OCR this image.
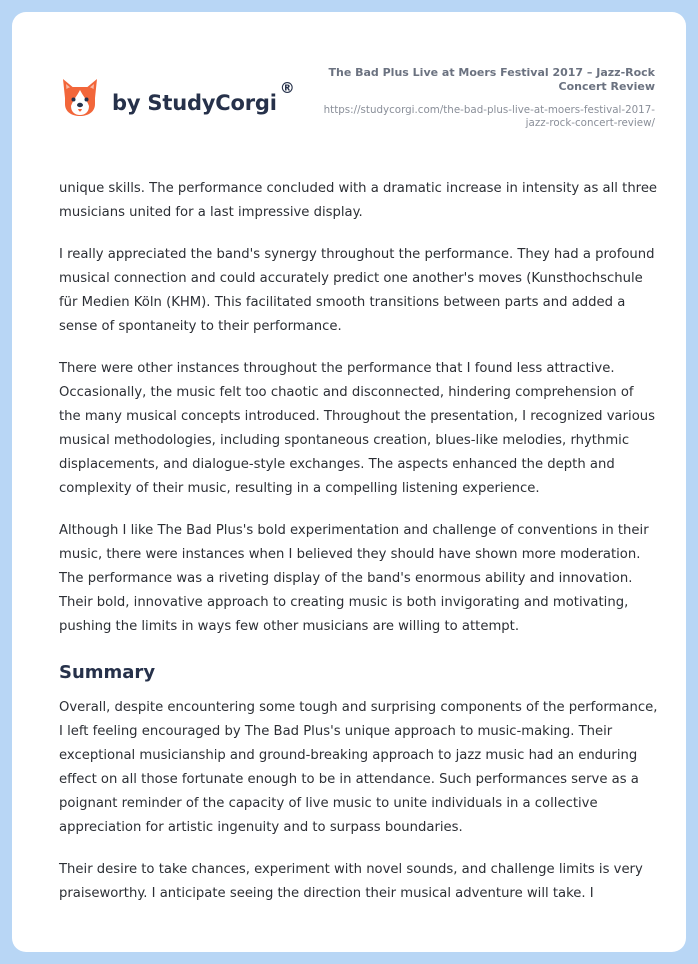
by StudyCorgi
®
The Bad Plus Live at Moers Festival 2017 – Jazz-Rock Concert Review
https://studycorgi.com/the-bad-plus-live-at-moers-festival-2017-jazz-rock-concert-review/

unique skills. The performance concluded with a dramatic increase in intensity as all three musicians united for a last impressive display.

I really appreciated the band's synergy throughout the performance. They had a profound musical connection and could accurately predict one another's moves (Kunsthochschule für Medien Köln (KHM). This facilitated smooth transitions between parts and added a sense of spontaneity to their performance.

There were other instances throughout the performance that I found less attractive. Occasionally, the music felt too chaotic and disconnected, hindering comprehension of the many musical concepts introduced. Throughout the presentation, I recognized various musical methodologies, including spontaneous creation, blues-like melodies, rhythmic displacements, and dialogue-style exchanges. The aspects enhanced the depth and complexity of their music, resulting in a compelling listening experience.

Although I like The Bad Plus's bold experimentation and challenge of conventions in their music, there were instances when I believed they should have shown more moderation. The performance was a riveting display of the band's enormous ability and innovation. Their bold, innovative approach to creating music is both invigorating and motivating, pushing the limits in ways few other musicians are willing to attempt.

Summary

Overall, despite encountering some tough and surprising components of the performance, I left feeling encouraged by The Bad Plus's unique approach to music-making. Their exceptional musicianship and ground-breaking approach to jazz music had an enduring effect on all those fortunate enough to be in attendance. Such performances serve as a poignant reminder of the capacity of live music to unite individuals in a collective appreciation for artistic ingenuity and to surpass boundaries.

Their desire to take chances, experiment with novel sounds, and challenge limits is very praiseworthy. I anticipate seeing the direction their musical adventure will take. I
